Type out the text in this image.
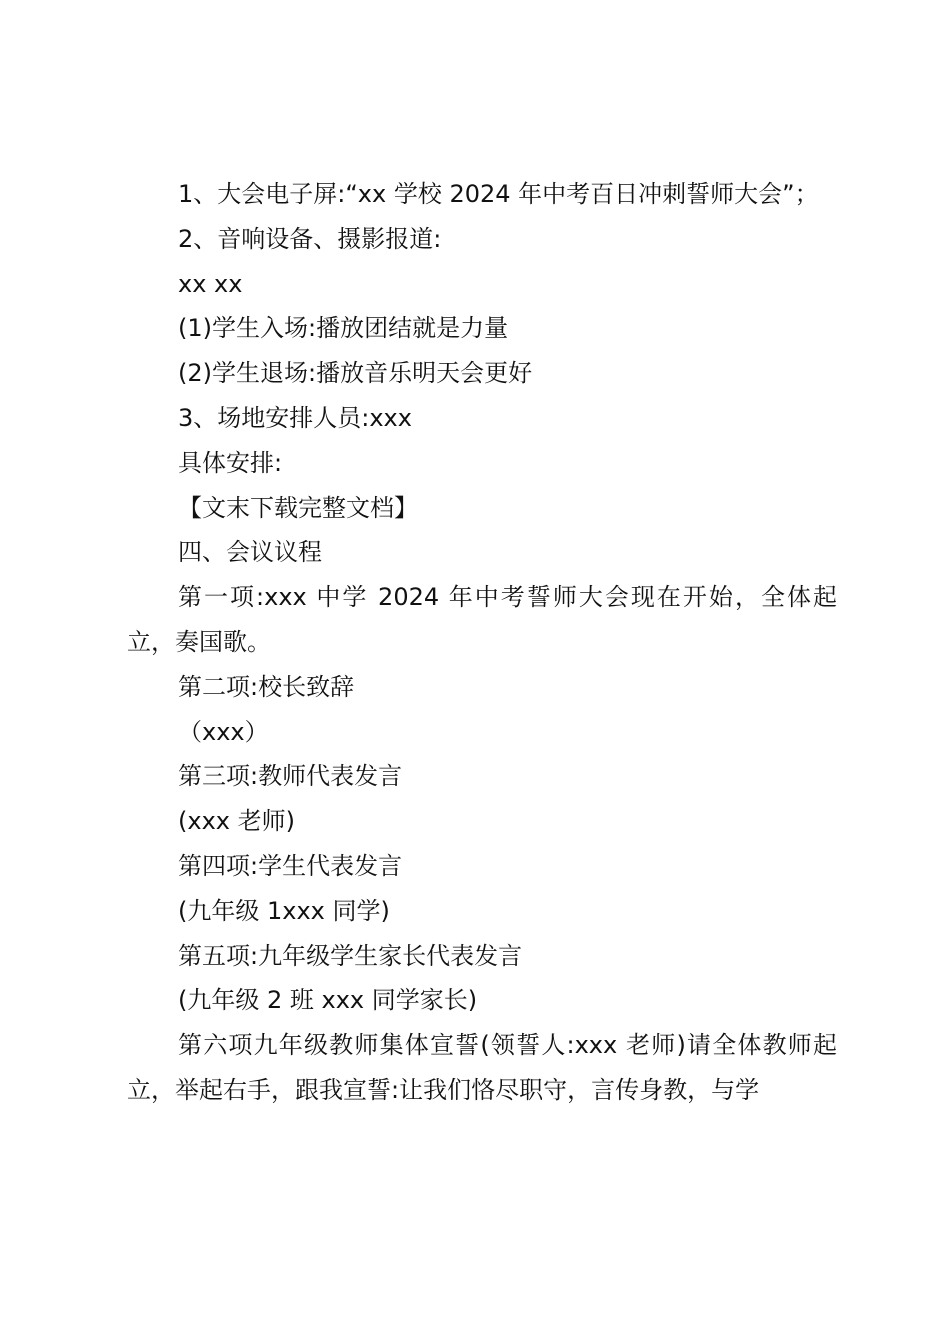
1、大会电子屏:“xx 学校 2024 年中考百日冲刺誓师大会”；

2、音响设备、摄影报道:

xx xx

(1)学生入场:播放团结就是力量

(2)学生退场:播放音乐明天会更好

3、场地安排人员:xxx

具体安排:

【文末下载完整文档】

四、会议议程

第一项:xxx 中学 2024 年中考誓师大会现在开始，全体起立，奏国歌。

第二项:校长致辞

（xxx）

第三项:教师代表发言

(xxx 老师)

第四项:学生代表发言

(九年级 1xxx 同学)

第五项:九年级学生家长代表发言

(九年级 2 班 xxx 同学家长)

第六项九年级教师集体宣誓(领誓人:xxx 老师)请全体教师起立，举起右手，跟我宣誓:让我们恪尽职守，言传身教，与学
